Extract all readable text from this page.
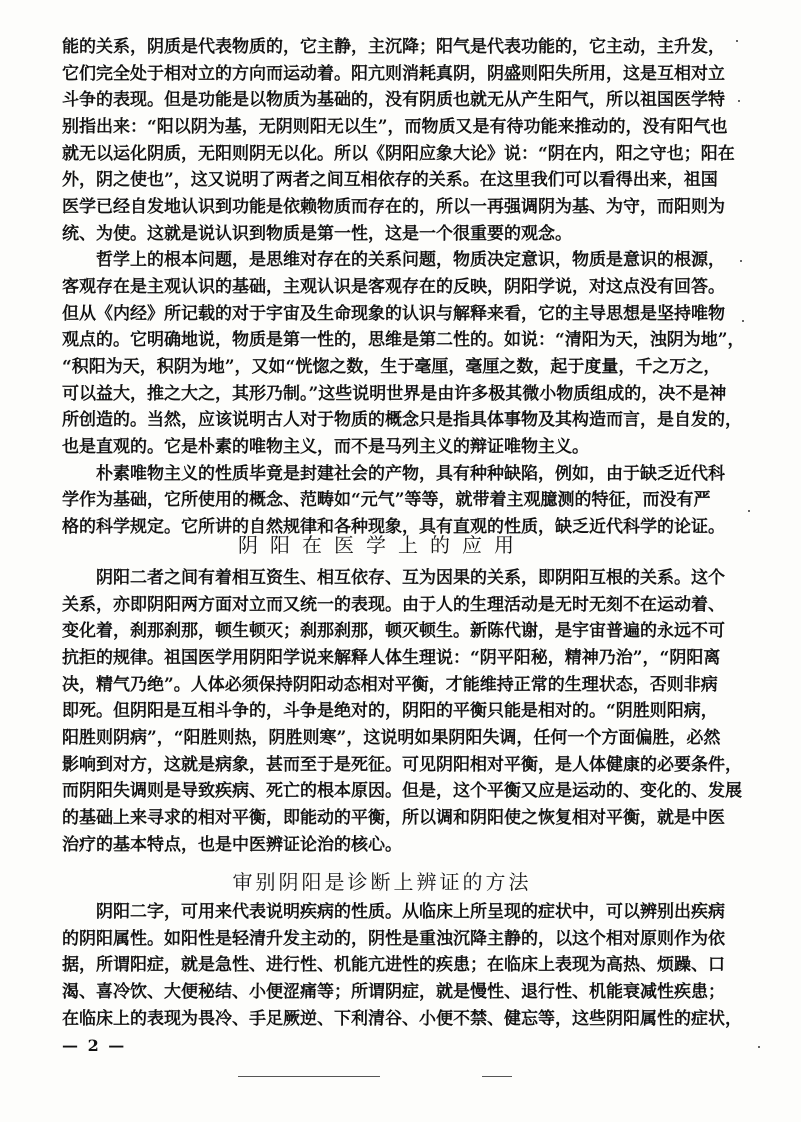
能的关系，阴质是代表物质的，它主静，主沉降；阳气是代表功能的，它主动，主升发，
它们完全处于相对立的方向而运动着。阳亢则消耗真阴，阴盛则阳失所用，这是互相对立
斗争的表现。但是功能是以物质为基础的，没有阴质也就无从产生阳气，所以祖国医学特
别指出来：“阳以阴为基，无阴则阳无以生”，而物质又是有待功能来推动的，没有阳气也
就无以运化阴质，无阳则阴无以化。所以《阴阳应象大论》说：“阴在内，阳之守也；阳在
外，阴之使也”，这又说明了两者之间互相依存的关系。在这里我们可以看得出来，祖国
医学已经自发地认识到功能是依赖物质而存在的，所以一再强调阴为基、为守，而阳则为
统、为使。这就是说认识到物质是第一性，这是一个很重要的观念。
哲学上的根本问题，是思维对存在的关系问题，物质决定意识，物质是意识的根源，
客观存在是主观认识的基础，主观认识是客观存在的反映，阴阳学说，对这点没有回答。
但从《内经》所记载的对于宇宙及生命现象的认识与解释来看，它的主导思想是坚持唯物
观点的。它明确地说，物质是第一性的，思维是第二性的。如说：“清阳为天，浊阴为地”，
“积阳为天，积阴为地”，又如“恍惚之数，生于毫厘，毫厘之数，起于度量，千之万之，
可以益大，推之大之，其形乃制。”这些说明世界是由许多极其微小物质组成的，决不是神
所创造的。当然，应该说明古人对于物质的概念只是指具体事物及其构造而言，是自发的，
也是直观的。它是朴素的唯物主义，而不是马列主义的辩证唯物主义。
朴素唯物主义的性质毕竟是封建社会的产物，具有种种缺陷，例如，由于缺乏近代科
学作为基础，它所使用的概念、范畴如“元气”等等，就带着主观臆测的特征，而没有严
格的科学规定。它所讲的自然规律和各种现象，具有直观的性质，缺乏近代科学的论证。
阴阳在医学上的应用
阴阳二者之间有着相互资生、相互依存、互为因果的关系，即阴阳互根的关系。这个
关系，亦即阴阳两方面对立而又统一的表现。由于人的生理活动是无时无刻不在运动着、
变化着，刹那刹那，顿生顿灭；刹那刹那，顿灭顿生。新陈代谢，是宇宙普遍的永远不可
抗拒的规律。祖国医学用阴阳学说来解释人体生理说：“阴平阳秘，精神乃治”，“阴阳离
决，精气乃绝”。人体必须保持阴阳动态相对平衡，才能维持正常的生理状态，否则非病
即死。但阴阳是互相斗争的，斗争是绝对的，阴阳的平衡只能是相对的。“阴胜则阳病，
阳胜则阴病”，“阳胜则热，阴胜则寒”，这说明如果阴阳失调，任何一个方面偏胜，必然
影响到对方，这就是病象，甚而至于是死征。可见阴阳相对平衡，是人体健康的必要条件，
而阴阳失调则是导致疾病、死亡的根本原因。但是，这个平衡又应是运动的、变化的、发展
的基础上来寻求的相对平衡，即能动的平衡，所以调和阴阳使之恢复相对平衡，就是中医
治疗的基本特点，也是中医辨证论治的核心。
审别阴阳是诊断上辨证的方法
阴阳二字，可用来代表说明疾病的性质。从临床上所呈现的症状中，可以辨别出疾病
的阴阳属性。如阳性是轻清升发主动的，阴性是重浊沉降主静的，以这个相对原则作为依
据，所谓阳症，就是急性、进行性、机能亢进性的疾患；在临床上表现为高热、烦躁、口
渴、喜冷饮、大便秘结、小便涩痛等；所谓阴症，就是慢性、退行性、机能衰减性疾患；
在临床上的表现为畏冷、手足厥逆、下利清谷、小便不禁、健忘等，这些阴阳属性的症状，
— 2 —
